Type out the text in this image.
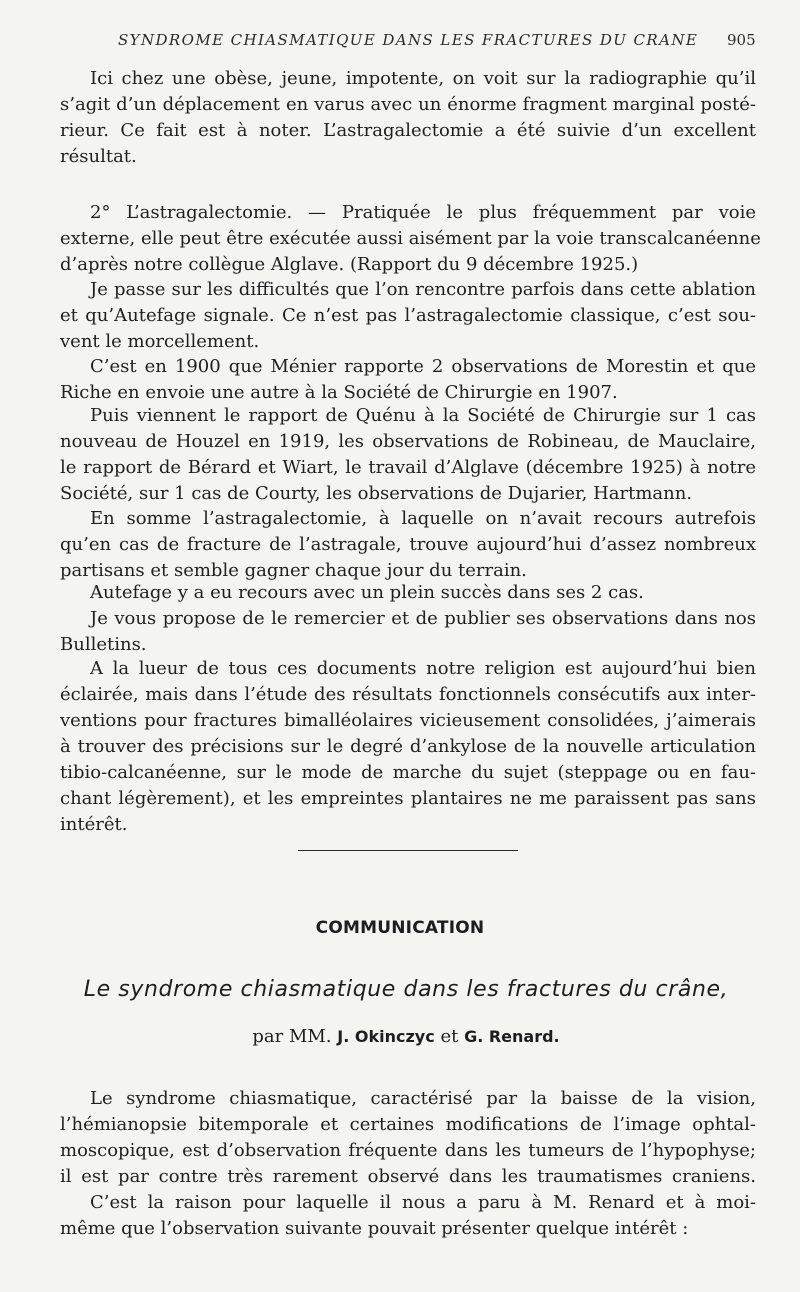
SYNDROME CHIASMATIQUE DANS LES FRACTURES DU CRANE 905
Ici chez une obèse, jeune, impotente, on voit sur la radiographie qu’il
s’agit d’un déplacement en varus avec un énorme fragment marginal posté-
rieur. Ce fait est à noter. L’astragalectomie a été suivie d’un excellent
résultat.
2° L’astragalectomie. — Pratiquée le plus fréquemment par voie
externe, elle peut être exécutée aussi aisément par la voie transcalcanéenne
d’après notre collègue Alglave. (Rapport du 9 décembre 1925.)
Je passe sur les difficultés que l’on rencontre parfois dans cette ablation
et qu’Autefage signale. Ce n’est pas l’astragalectomie classique, c’est sou-
vent le morcellement.
C’est en 1900 que Ménier rapporte 2 observations de Morestin et que
Riche en envoie une autre à la Société de Chirurgie en 1907.
Puis viennent le rapport de Quénu à la Société de Chirurgie sur 1 cas
nouveau de Houzel en 1919, les observations de Robineau, de Mauclaire,
le rapport de Bérard et Wiart, le travail d’Alglave (décembre 1925) à notre
Société, sur 1 cas de Courty, les observations de Dujarier, Hartmann.
En somme l’astragalectomie, à laquelle on n’avait recours autrefois
qu’en cas de fracture de l’astragale, trouve aujourd’hui d’assez nombreux
partisans et semble gagner chaque jour du terrain.
Autefage y a eu recours avec un plein succès dans ses 2 cas.
Je vous propose de le remercier et de publier ses observations dans nos
Bulletins.
A la lueur de tous ces documents notre religion est aujourd’hui bien
éclairée, mais dans l’étude des résultats fonctionnels consécutifs aux inter-
ventions pour fractures bimalléolaires vicieusement consolidées, j’aimerais
à trouver des précisions sur le degré d’ankylose de la nouvelle articulation
tibio-calcanéenne, sur le mode de marche du sujet (steppage ou en fau-
chant légèrement), et les empreintes plantaires ne me paraissent pas sans
intérêt.
COMMUNICATION
Le syndrome chiasmatique dans les fractures du crâne,
par MM. J. Okinczyc et G. Renard.
Le syndrome chiasmatique, caractérisé par la baisse de la vision,
l’hémianopsie bitemporale et certaines modifications de l’image ophtal-
moscopique, est d’observation fréquente dans les tumeurs de l’hypophyse;
il est par contre très rarement observé dans les traumatismes craniens.
C’est la raison pour laquelle il nous a paru à M. Renard et à moi-
même que l’observation suivante pouvait présenter quelque intérêt :
